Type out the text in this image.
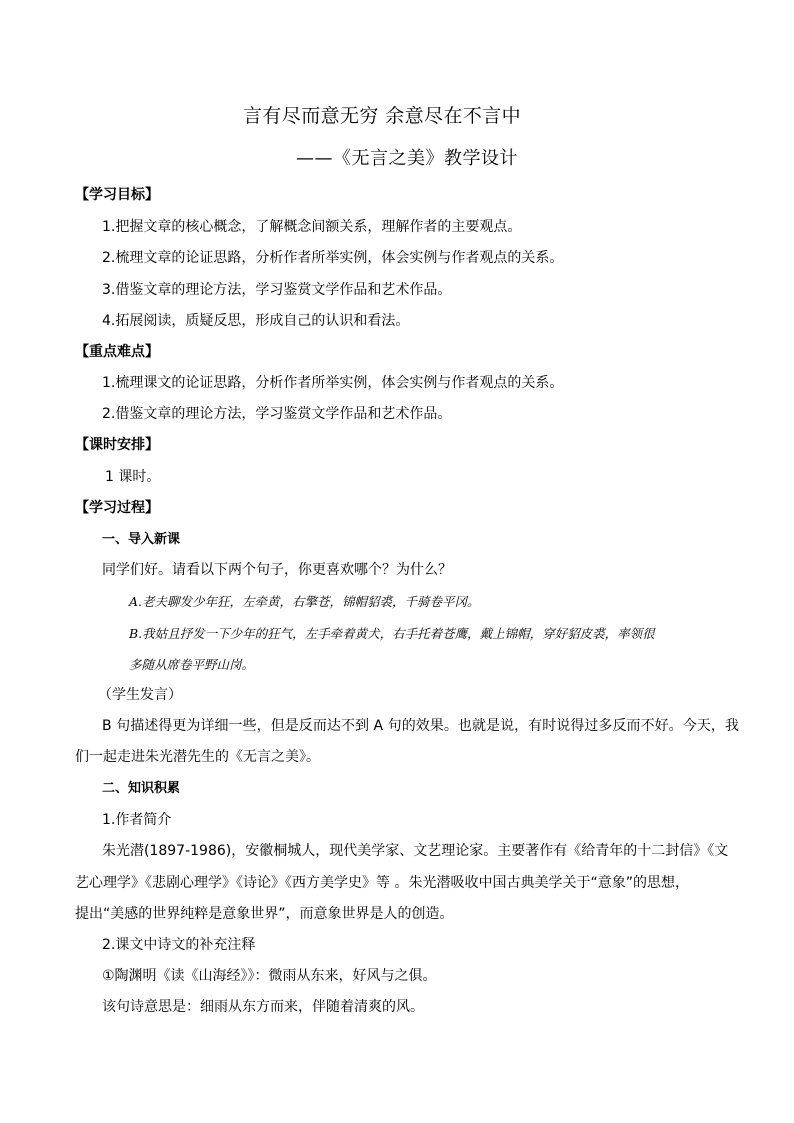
言有尽而意无穷 余意尽在不言中
——《无言之美》教学设计
【学习目标】
1.把握文章的核心概念，了解概念间额关系，理解作者的主要观点。
2.梳理文章的论证思路，分析作者所举实例，体会实例与作者观点的关系。
3.借鉴文章的理论方法，学习鉴赏文学作品和艺术作品。
4.拓展阅读，质疑反思，形成自己的认识和看法。
【重点难点】
1.梳理课文的论证思路，分析作者所举实例，体会实例与作者观点的关系。
2.借鉴文章的理论方法，学习鉴赏文学作品和艺术作品。
【课时安排】
1 课时。
【学习过程】
一、导入新课
同学们好。请看以下两个句子，你更喜欢哪个？为什么？
A.老夫聊发少年狂，左牵黄，右擎苍，锦帽貂裘，千骑卷平冈。
B.我姑且抒发一下少年的狂气，左手牵着黄犬，右手托着苍鹰，戴上锦帽，穿好貂皮裘，率领很
多随从席卷平野山岗。
（学生发言）
B 句描述得更为详细一些，但是反而达不到 A 句的效果。也就是说，有时说得过多反而不好。今天，我
们一起走进朱光潜先生的《无言之美》。
二、知识积累
1.作者简介
朱光潜(1897-1986)，安徽桐城人，现代美学家、文艺理论家。主要著作有《给青年的十二封信》《文
艺心理学》《悲剧心理学》《诗论》《西方美学史》等 。朱光潜吸收中国古典美学关于“意象”的思想，
提出“美感的世界纯粹是意象世界”，而意象世界是人的创造。
2.课文中诗文的补充注释
①陶渊明《读《山海经》》：微雨从东来，好风与之俱。
该句诗意思是：细雨从东方而来，伴随着清爽的风。
